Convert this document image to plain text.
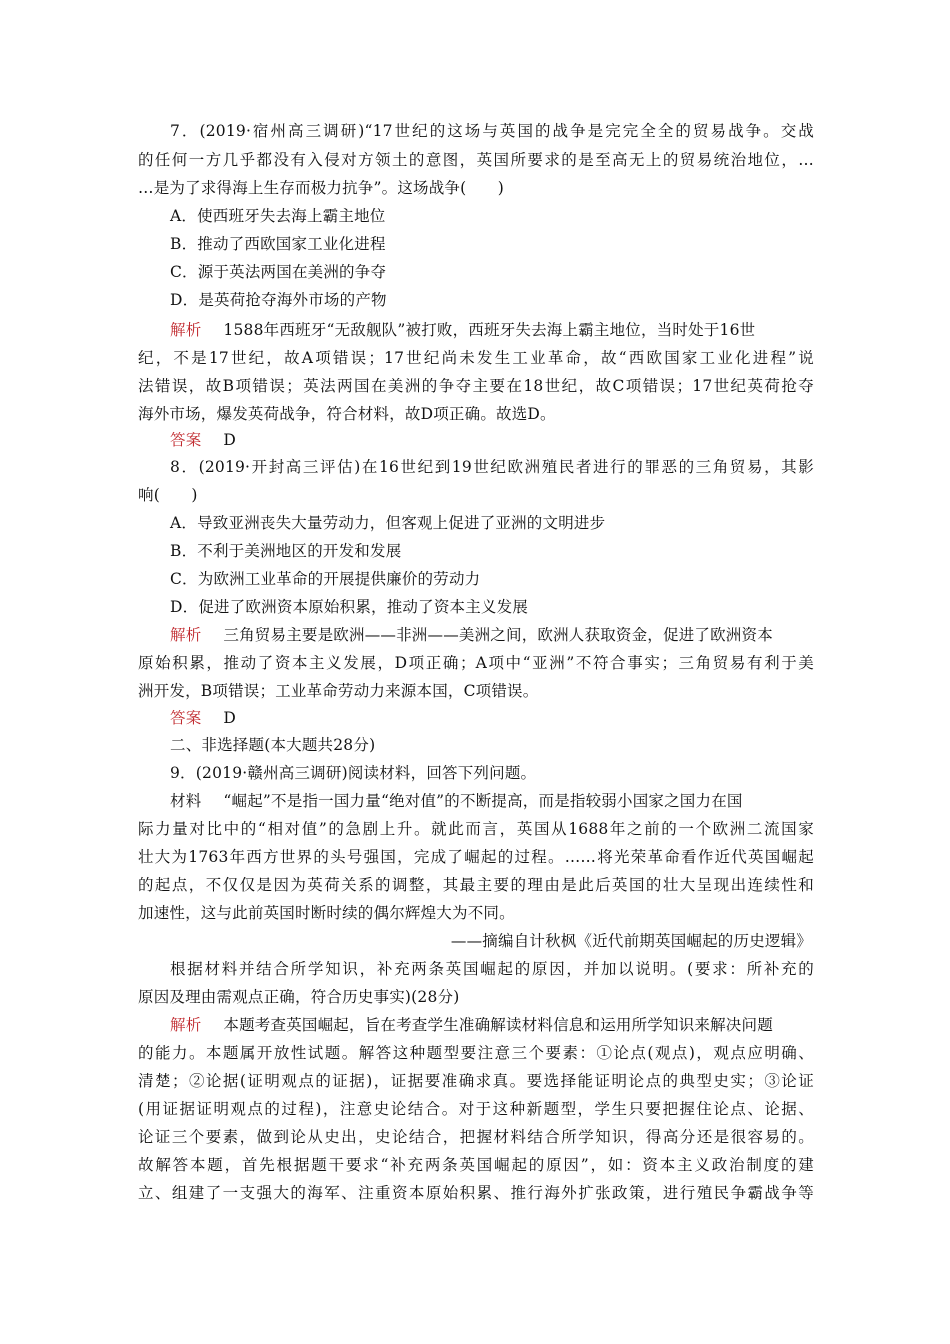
7．(2019·宿州高三调研)“17世纪的这场与英国的战争是完完全全的贸易战争。交战
的任何一方几乎都没有入侵对方领土的意图，英国所要求的是至高无上的贸易统治地位，…
…是为了求得海上生存而极力抗争”。这场战争(　　)
A．使西班牙失去海上霸主地位
B．推动了西欧国家工业化进程
C．源于英法两国在美洲的争夺
D．是英荷抢夺海外市场的产物
解析 1588年西班牙“无敌舰队”被打败，西班牙失去海上霸主地位，当时处于16世
纪，不是17世纪，故A项错误；17世纪尚未发生工业革命，故“西欧国家工业化进程”说
法错误，故B项错误；英法两国在美洲的争夺主要在18世纪，故C项错误；17世纪英荷抢夺
海外市场，爆发英荷战争，符合材料，故D项正确。故选D。
答案 D
8．(2019·开封高三评估)在16世纪到19世纪欧洲殖民者进行的罪恶的三角贸易，其影
响(　　)
A．导致亚洲丧失大量劳动力，但客观上促进了亚洲的文明进步
B．不利于美洲地区的开发和发展
C．为欧洲工业革命的开展提供廉价的劳动力
D．促进了欧洲资本原始积累，推动了资本主义发展
解析 三角贸易主要是欧洲——非洲——美洲之间，欧洲人获取资金，促进了欧洲资本
原始积累，推动了资本主义发展，D项正确；A项中“亚洲”不符合事实；三角贸易有利于美
洲开发，B项错误；工业革命劳动力来源本国，C项错误。
答案 D
二、非选择题(本大题共28分)
9．(2019·赣州高三调研)阅读材料，回答下列问题。
材料 “崛起”不是指一国力量“绝对值”的不断提高，而是指较弱小国家之国力在国
际力量对比中的“相对值”的急剧上升。就此而言，英国从1688年之前的一个欧洲二流国家
壮大为1763年西方世界的头号强国，完成了崛起的过程。……将光荣革命看作近代英国崛起
的起点，不仅仅是因为英荷关系的调整，其最主要的理由是此后英国的壮大呈现出连续性和
加速性，这与此前英国时断时续的偶尔辉煌大为不同。
——摘编自计秋枫《近代前期英国崛起的历史逻辑》
根据材料并结合所学知识，补充两条英国崛起的原因，并加以说明。(要求：所补充的
原因及理由需观点正确，符合历史事实)(28分)
解析 本题考查英国崛起，旨在考查学生准确解读材料信息和运用所学知识来解决问题
的能力。本题属开放性试题。解答这种题型要注意三个要素：①论点(观点)，观点应明确、
清楚；②论据(证明观点的证据)，证据要准确求真。要选择能证明论点的典型史实；③论证
(用证据证明观点的过程)，注意史论结合。对于这种新题型，学生只要把握住论点、论据、
论证三个要素，做到论从史出，史论结合，把握材料结合所学知识，得高分还是很容易的。
故解答本题，首先根据题干要求“补充两条英国崛起的原因”，如：资本主义政治制度的建
立、组建了一支强大的海军、注重资本原始积累、推行海外扩张政策，进行殖民争霸战争等
